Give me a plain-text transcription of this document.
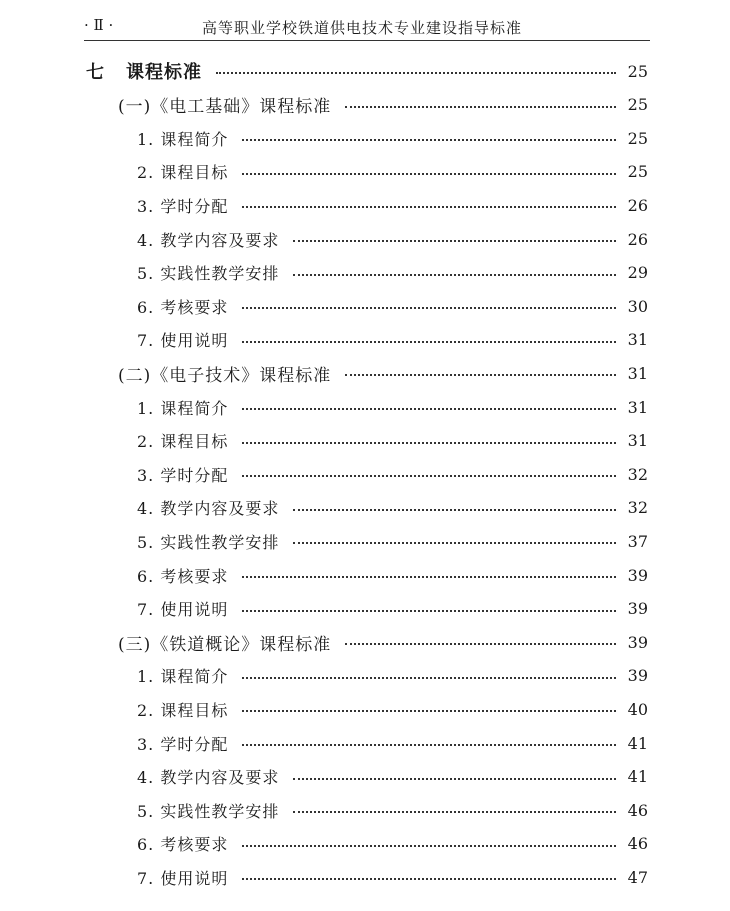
· Ⅱ ·	高等职业学校铁道供电技术专业建设指导标准
七 课程标准	25
(一)《电工基础》课程标准	25
1. 课程简介	25
2. 课程目标	25
3. 学时分配	26
4. 教学内容及要求	26
5. 实践性教学安排	29
6. 考核要求	30
7. 使用说明	31
(二)《电子技术》课程标准	31
1. 课程简介	31
2. 课程目标	31
3. 学时分配	32
4. 教学内容及要求	32
5. 实践性教学安排	37
6. 考核要求	39
7. 使用说明	39
(三)《铁道概论》课程标准	39
1. 课程简介	39
2. 课程目标	40
3. 学时分配	41
4. 教学内容及要求	41
5. 实践性教学安排	46
6. 考核要求	46
7. 使用说明	47
